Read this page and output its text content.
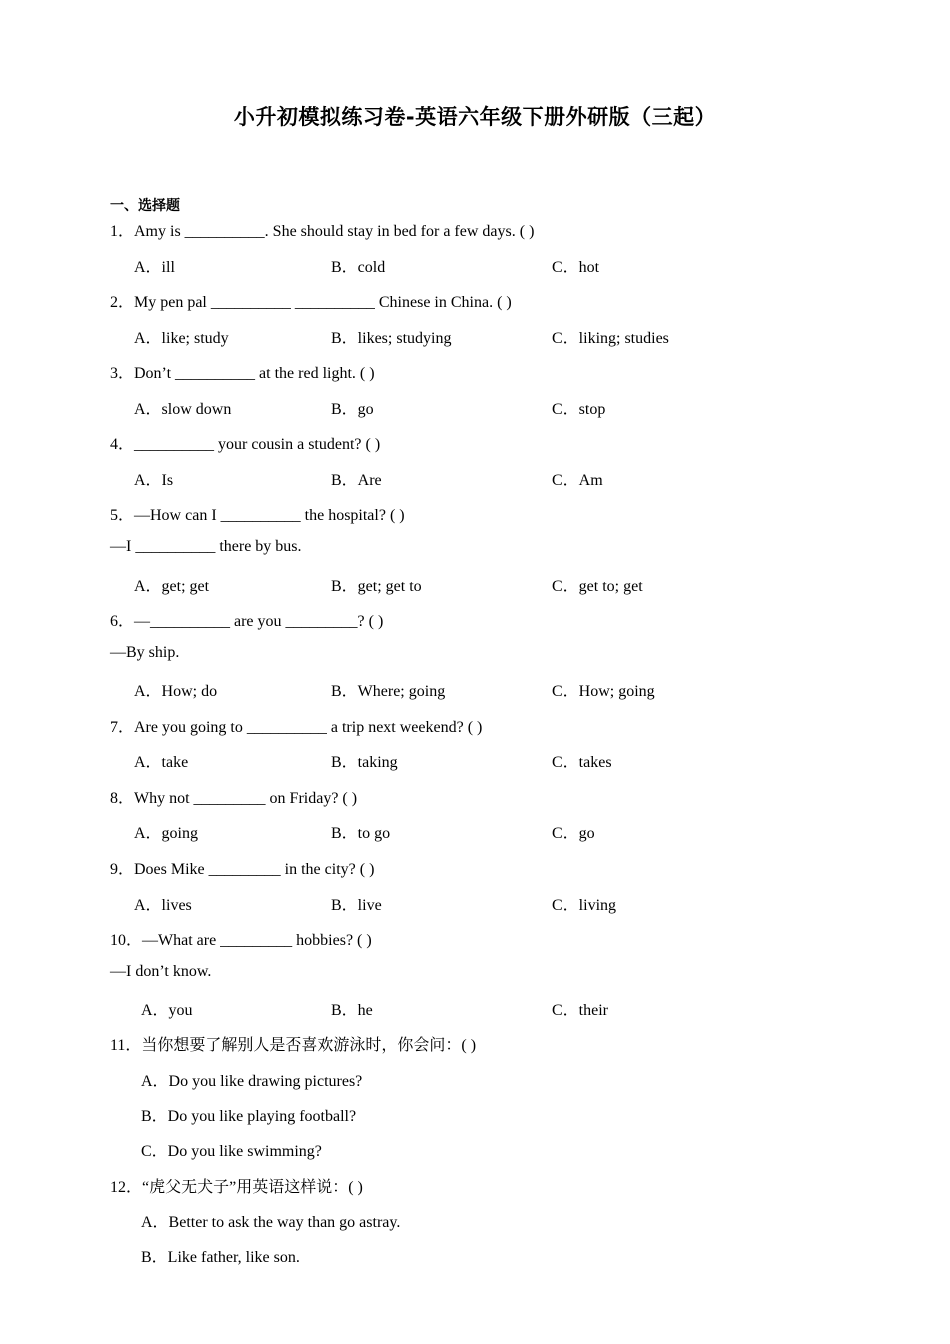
小升初模拟练习卷-英语六年级下册外研版（三起）
一、选择题
1．Amy is __________. She should stay in bed for a few days. ( )
A．ill	B．cold	C．hot
2．My pen pal __________ __________ Chinese in China. ( )
A．like; study	B．likes; studying	C．liking; studies
3．Don’t __________ at the red light. ( )
A．slow down	B．go	C．stop
4．__________ your cousin a student? ( )
A．Is	B．Are	C．Am
5．—How can I __________ the hospital? ( )
—I __________ there by bus.
A．get; get	B．get; get to	C．get to; get
6．—__________ are you _________? ( )
—By ship.
A．How; do	B．Where; going	C．How; going
7．Are you going to __________ a trip next weekend? ( )
A．take	B．taking	C．takes
8．Why not _________ on Friday? ( )
A．going	B．to go	C．go
9．Does Mike _________ in the city? ( )
A．lives	B．live	C．living
10．—What are _________ hobbies? ( )
—I don’t know.
A．you	B．he	C．their
11．当你想要了解别人是否喜欢游泳时，你会问：( )
A．Do you like drawing pictures?
B．Do you like playing football?
C．Do you like swimming?
12．“虎父无犬子”用英语这样说：( )
A．Better to ask the way than go astray.
B．Like father, like son.
